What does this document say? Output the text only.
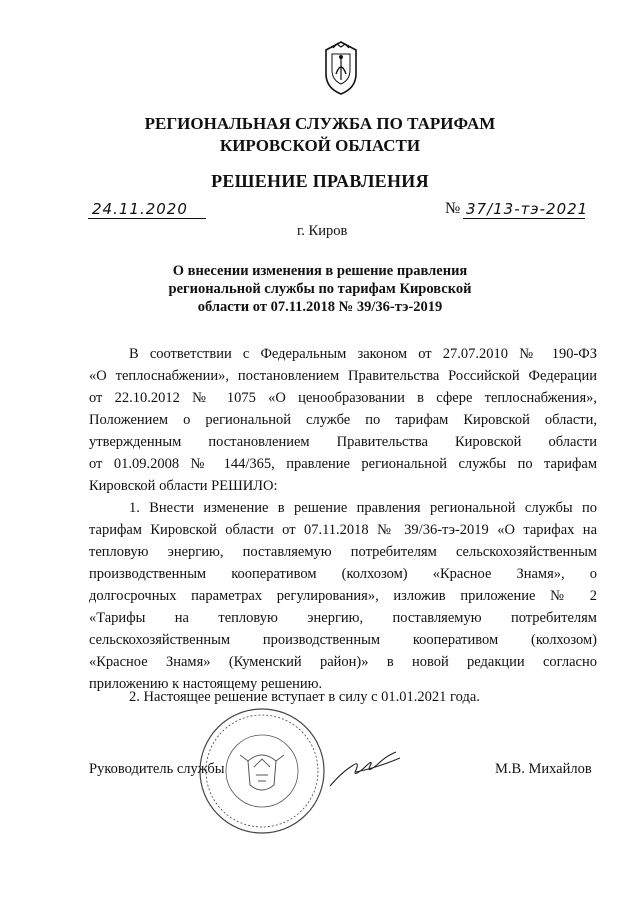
РЕГИОНАЛЬНАЯ СЛУЖБА ПО ТАРИФАМ
КИРОВСКОЙ ОБЛАСТИ
РЕШЕНИЕ ПРАВЛЕНИЯ
24.11.2020	№ 37/13-тэ-2021
г. Киров
О внесении изменения в решение правления
региональной службы по тарифам Кировской
области от 07.11.2018 № 39/36-тэ-2019
В соответствии с Федеральным законом от 27.07.2010 № 190-ФЗ
«О теплоснабжении», постановлением Правительства Российской Федерации
от 22.10.2012 № 1075 «О ценообразовании в сфере теплоснабжения»,
Положением о региональной службе по тарифам Кировской области,
утвержденным постановлением Правительства Кировской области
от 01.09.2008 № 144/365, правление региональной службы по тарифам
Кировской области РЕШИЛО:
1. Внести изменение в решение правления региональной службы по
тарифам Кировской области от 07.11.2018 № 39/36-тэ-2019 «О тарифах на
тепловую энергию, поставляемую потребителям сельскохозяйственным
производственным кооперативом (колхозом) «Красное Знамя», о
долгосрочных параметрах регулирования», изложив приложение № 2
«Тарифы на тепловую энергию, поставляемую потребителям
сельскохозяйственным производственным кооперативом (колхозом)
«Красное Знамя» (Куменский район)» в новой редакции согласно
приложению к настоящему решению.
2. Настоящее решение вступает в силу с 01.01.2021 года.
Руководитель службы	М.В. Михайлов
